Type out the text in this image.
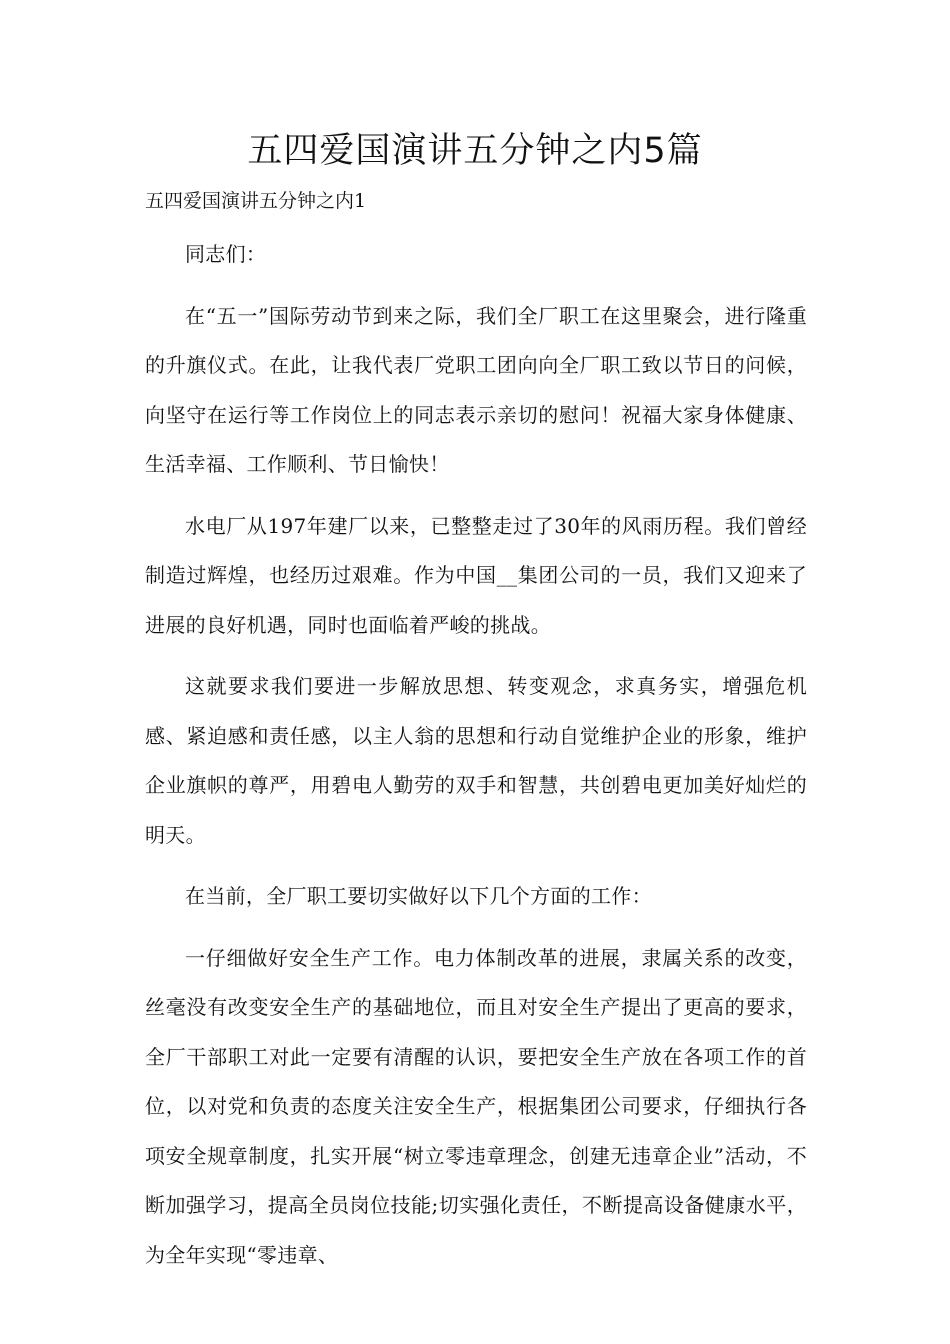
五四爱国演讲五分钟之内5篇

五四爱国演讲五分钟之内1

同志们：

在“五一”国际劳动节到来之际，我们全厂职工在这里聚会，进行隆重的升旗仪式。在此，让我代表厂党职工团向向全厂职工致以节日的问候，向坚守在运行等工作岗位上的同志表示亲切的慰问！祝福大家身体健康、生活幸福、工作顺利、节日愉快！

水电厂从197年建厂以来，已整整走过了30年的风雨历程。我们曾经制造过辉煌，也经历过艰难。作为中国__集团公司的一员，我们又迎来了进展的良好机遇，同时也面临着严峻的挑战。

这就要求我们要进一步解放思想、转变观念，求真务实，增强危机感、紧迫感和责任感，以主人翁的思想和行动自觉维护企业的形象，维护企业旗帜的尊严，用碧电人勤劳的双手和智慧，共创碧电更加美好灿烂的明天。

在当前，全厂职工要切实做好以下几个方面的工作：

一仔细做好安全生产工作。电力体制改革的进展，隶属关系的改变，丝毫没有改变安全生产的基础地位，而且对安全生产提出了更高的要求，全厂干部职工对此一定要有清醒的认识，要把安全生产放在各项工作的首位，以对党和负责的态度关注安全生产，根据集团公司要求，仔细执行各项安全规章制度，扎实开展“树立零违章理念，创建无违章企业”活动，不断加强学习，提高全员岗位技能;切实强化责任，不断提高设备健康水平，为全年实现“零违章、
